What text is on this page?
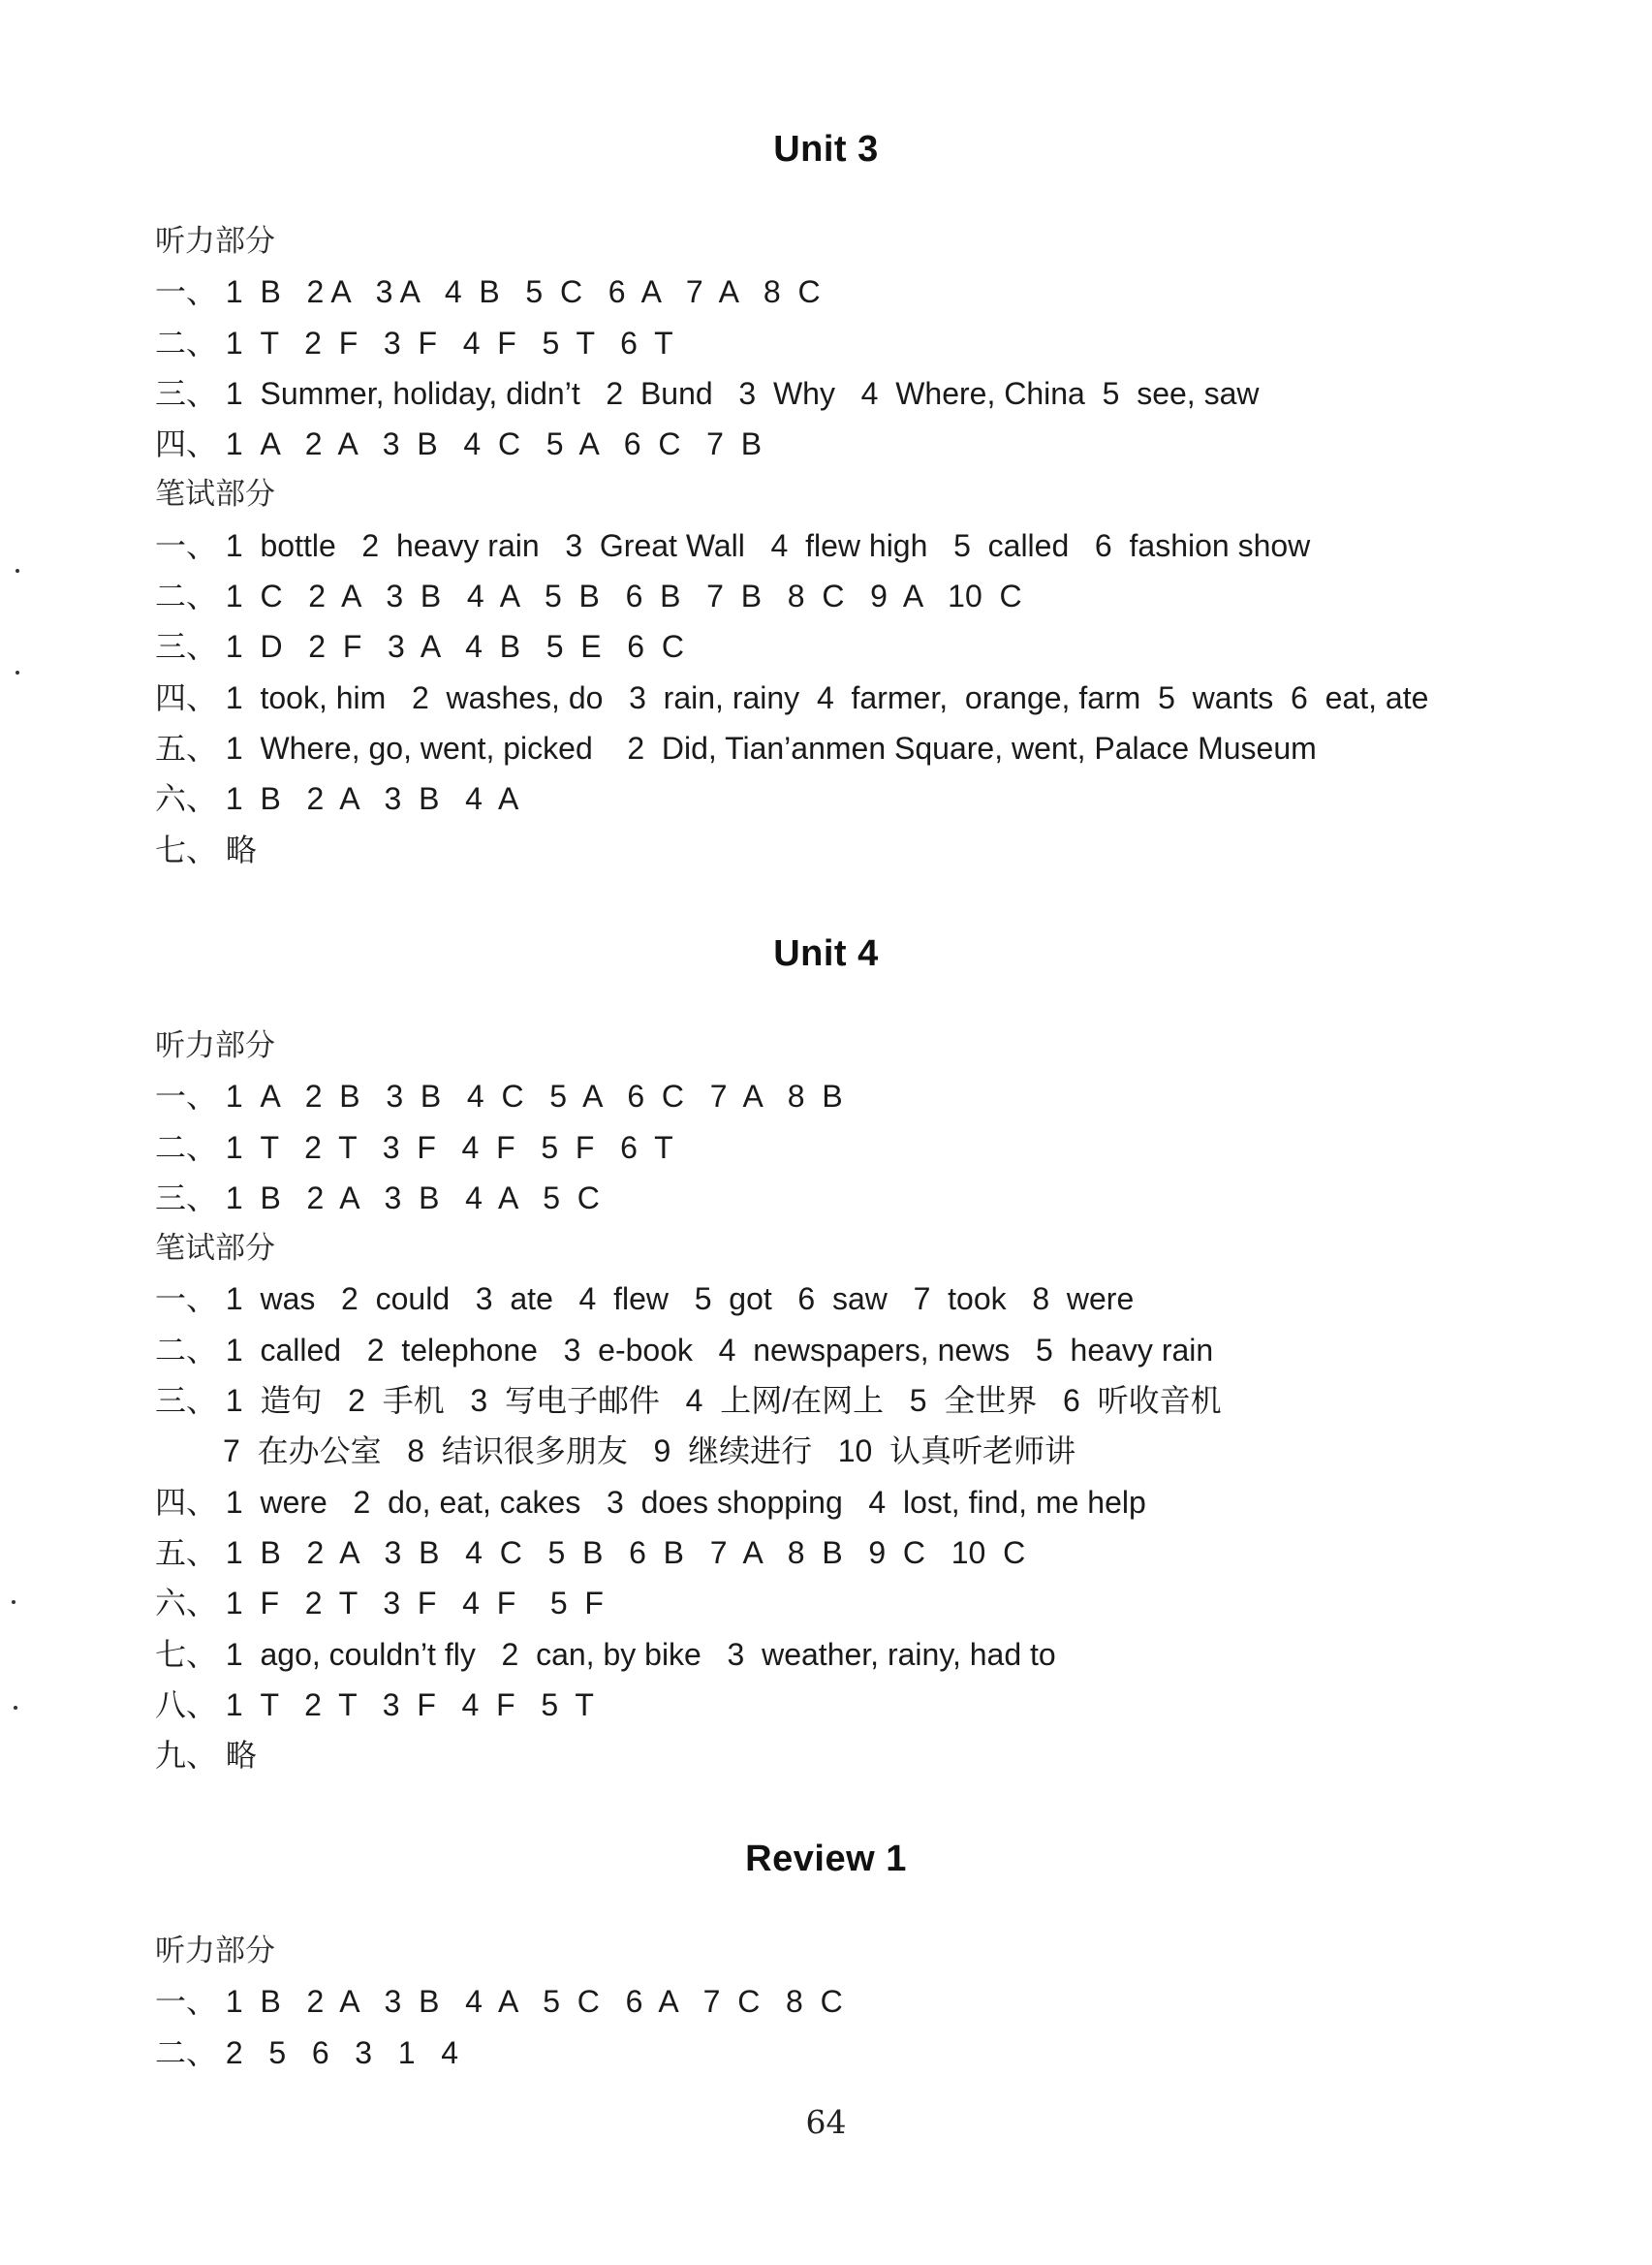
Unit 3
听力部分
一、 1  B   2 A   3 A   4  B   5  C   6  A   7  A   8  C
二、 1  T   2  F   3  F   4  F   5  T   6  T
三、 1  Summer, holiday, didn’t   2  Bund   3  Why   4  Where, China  5  see, saw
四、 1  A   2  A   3  B   4  C   5  A   6  C   7  B
笔试部分
一、 1  bottle   2  heavy rain   3  Great Wall   4  flew high   5  called   6  fashion show
二、 1  C   2  A   3  B   4  A   5  B   6  B   7  B   8  C   9  A   10  C
三、 1  D   2  F   3  A   4  B   5  E   6  C
四、 1  took, him   2  washes, do   3  rain, rainy  4  farmer,  orange, farm  5  wants  6  eat, ate
五、 1  Where, go, went, picked    2  Did, Tian’anmen Square, went, Palace Museum
六、 1  B   2  A   3  B   4  A
七、 略
Unit 4
听力部分
一、 1  A   2  B   3  B   4  C   5  A   6  C   7  A   8  B
二、 1  T   2  T   3  F   4  F   5  F   6  T
三、 1  B   2  A   3  B   4  A   5  C
笔试部分
一、 1  was   2  could   3  ate   4  flew   5  got   6  saw   7  took   8  were
二、 1  called   2  telephone   3  e-book   4  newspapers, news   5  heavy rain
三、 1  造句   2  手机   3  写电子邮件   4  上网/在网上   5  全世界   6  听收音机
7  在办公室   8  结识很多朋友   9  继续进行   10  认真听老师讲
四、 1  were   2  do, eat, cakes   3  does shopping   4  lost, find, me help
五、 1  B   2  A   3  B   4  C   5  B   6  B   7  A   8  B   9  C   10  C
六、 1  F   2  T   3  F   4  F    5  F
七、 1  ago, couldn’t fly   2  can, by bike   3  weather, rainy, had to
八、 1  T   2  T   3  F   4  F   5  T
九、 略
Review 1
听力部分
一、 1  B   2  A   3  B   4  A   5  C   6  A   7  C   8  C
二、 2   5   6   3   1   4
64
